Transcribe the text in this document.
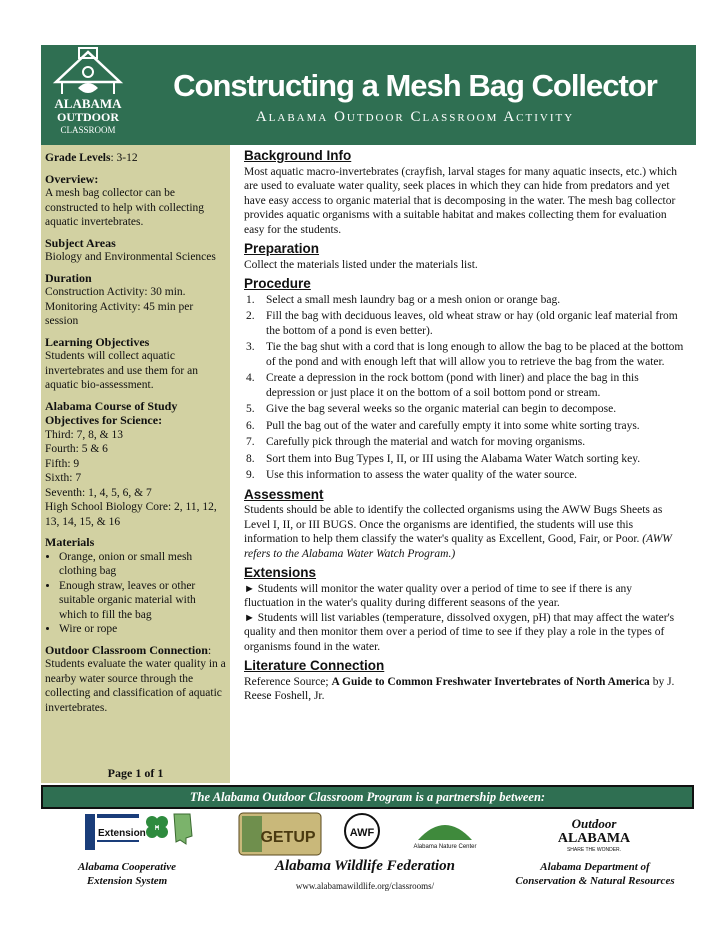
ALABAMA
OUTDOOR
CLASSROOM
Constructing a Mesh Bag Collector
Alabama Outdoor Classroom Activity
Grade Levels: 3-12
Overview:

A mesh bag collector can be constructed to help with collecting aquatic invertebrates.

Subject Areas

Biology and Environmental Sciences

Duration

Construction Activity: 30 min.

Monitoring Activity: 45 min per session

Learning Objectives

Students will collect aquatic invertebrates and use them for an aquatic bio-assessment.

Alabama Course of Study Objectives for Science:

Third: 7, 8, & 13

Fourth: 5 & 6

Fifth: 9

Sixth: 7

Seventh: 1, 4, 5, 6, & 7

High School Biology Core: 2, 11, 12, 13, 14, 15, & 16

Materials
• Orange, onion or small mesh clothing bag
• Enough straw, leaves or other suitable organic material with which to fill the bag
• Wire or rope
Outdoor Classroom Connection:

Students evaluate the water quality in a nearby water source through the collecting and classification of aquatic invertebrates.

Page 1 of 1
Background Info

Most aquatic macro-invertebrates (crayfish, larval stages for many aquatic insects, etc.) which are used to evaluate water quality, seek places in which they can hide from predators and yet have easy access to organic material that is decomposing in the water. The mesh bag collector provides aquatic organisms with a suitable habitat and makes collecting them for evaluation easy for the students.

Preparation

Collect the materials listed under the materials list.

Procedure
1. Select a small mesh laundry bag or a mesh onion or orange bag.
2. Fill the bag with deciduous leaves, old wheat straw or hay (old organic leaf material from the bottom of a pond is even better).
3. Tie the bag shut with a cord that is long enough to allow the bag to be placed at the bottom of the pond and with enough left that will allow you to retrieve the bag from the water.
4. Create a depression in the rock bottom (pond with liner) and place the bag in this depression or just place it on the bottom of a soil bottom pond or stream.
5. Give the bag several weeks so the organic material can begin to decompose.
6. Pull the bag out of the water and carefully empty it into some white sorting trays.
7. Carefully pick through the material and watch for moving organisms.
8. Sort them into Bug Types I, II, or III using the Alabama Water Watch sorting key.
9. Use this information to assess the water quality of the water source.
Assessment

Students should be able to identify the collected organisms using the AWW Bugs Sheets as Level I, II, or III BUGS. Once the organisms are identified, the students will use this information to help them classify the water's quality as Excellent, Good, Fair, or Poor. (AWW refers to the Alabama Water Watch Program.)

Extensions

► Students will monitor the water quality over a period of time to see if there is any fluctuation in the water's quality during different seasons of the year.

► Students will list variables (temperature, dissolved oxygen, pH) that may affect the water's quality and then monitor them over a period of time to see if they play a role in the types of organisms found in the water.

Literature Connection

Reference Source; A Guide to Common Freshwater Invertebrates of North America by J. Reese Foshell, Jr.

The Alabama Outdoor Classroom Program is a partnership between:
Extension H
GETUP	AWF
Alabama Nature Center
Outdoor
ALABAMA
SHARE THE WONDER.
Alabama Cooperative
Extension System
Alabama Wildlife Federation
www.alabamawildlife.org/classrooms/
Alabama Department of
Conservation & Natural Resources
